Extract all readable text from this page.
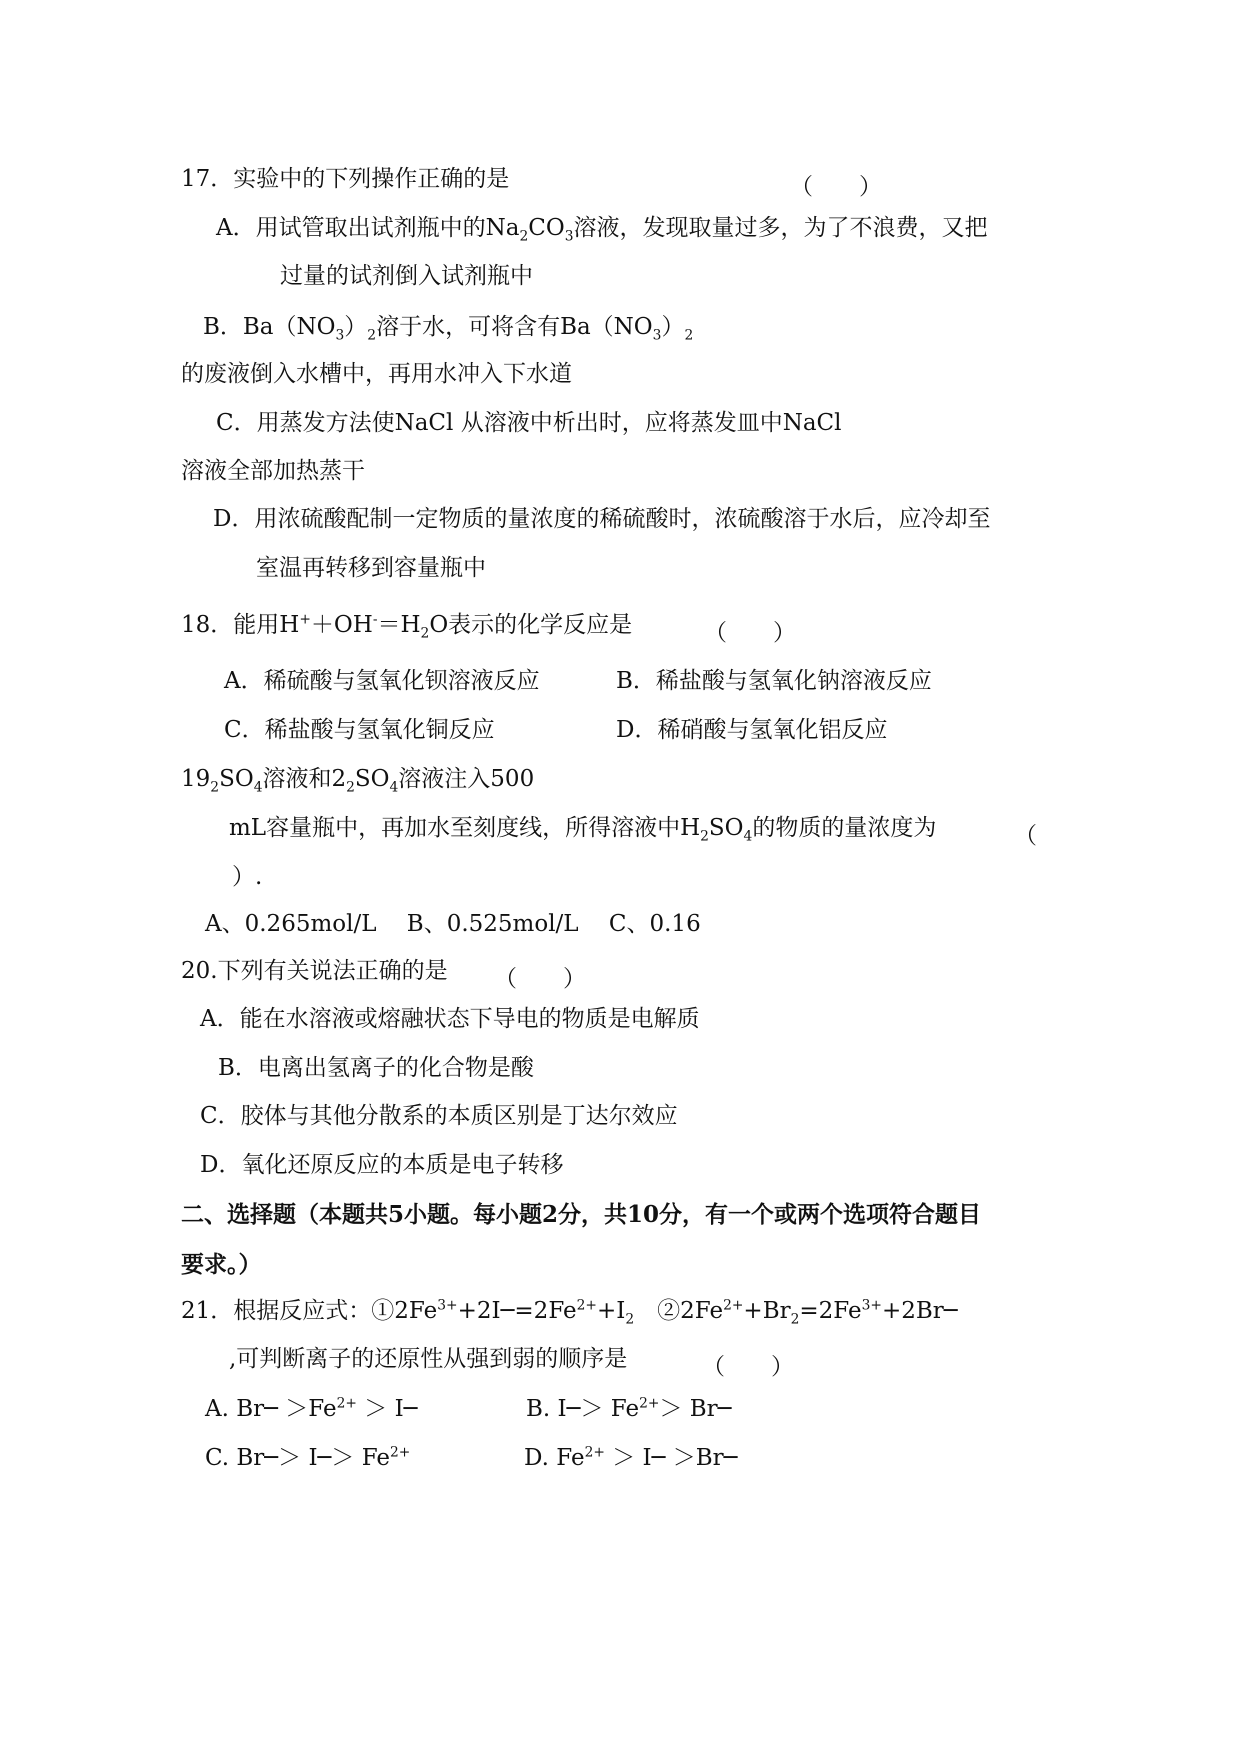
17．实验中的下列操作正确的是	（　　）
A．用试管取出试剂瓶中的$Na_2CO_3$溶液，发现取量过多，为了不浪费，又把
过量的试剂倒入试剂瓶中
B．$Ba(NO_3)_2$溶于水，可将含有$Ba(NO_3)_2$
的废液倒入水槽中，再用水冲入下水道
C．用蒸发方法使NaCl 从溶液中析出时，应将蒸发皿中NaCl
溶液全部加热蒸干
D．用浓硫酸配制一定物质的量浓度的稀硫酸时，浓硫酸溶于水后，应冷却至
室温再转移到容量瓶中
18．能用$H^++OH^-=H_2O$表示的化学反应是	（　　）
A．稀硫酸与氢氧化钡溶液反应	B．稀盐酸与氢氧化钠溶液反应
C．稀盐酸与氢氧化铜反应	D．稀硝酸与氢氧化铝反应
$19_2SO_4$溶液和$2_2SO_4$溶液注入500
mL容量瓶中，再加水至刻度线，所得溶液中$H_2SO_4$的物质的量浓度为	（
）.
A、0.265mol/L　 B、0.525mol/L　 C、0.16
20.下列有关说法正确的是 （　　）
A．能在水溶液或熔融状态下导电的物质是电解质
B．电离出氢离子的化合物是酸
C．胶体与其他分散系的本质区别是丁达尔效应
D．氧化还原反应的本质是电子转移
二、选择题（本题共5小题。每小题2分，共10分，有一个或两个选项符合题目
要求。）
21．根据反应式：$①2Fe^{3+}+2I─=2Fe^{2+}+I_2$　$②2Fe^{2+}+Br_2=2Fe^{3+}+2Br─$
,可判断离子的还原性从强到弱的顺序是	（　　）
A. Br─ $>Fe^{2+}$ ＞ I─	B. I─＞ $Fe^{2+}>$ Br─
C. Br─＞ I─＞ $Fe^{2+}$	D. $Fe^{2+}$ ＞ I─ ＞Br─
